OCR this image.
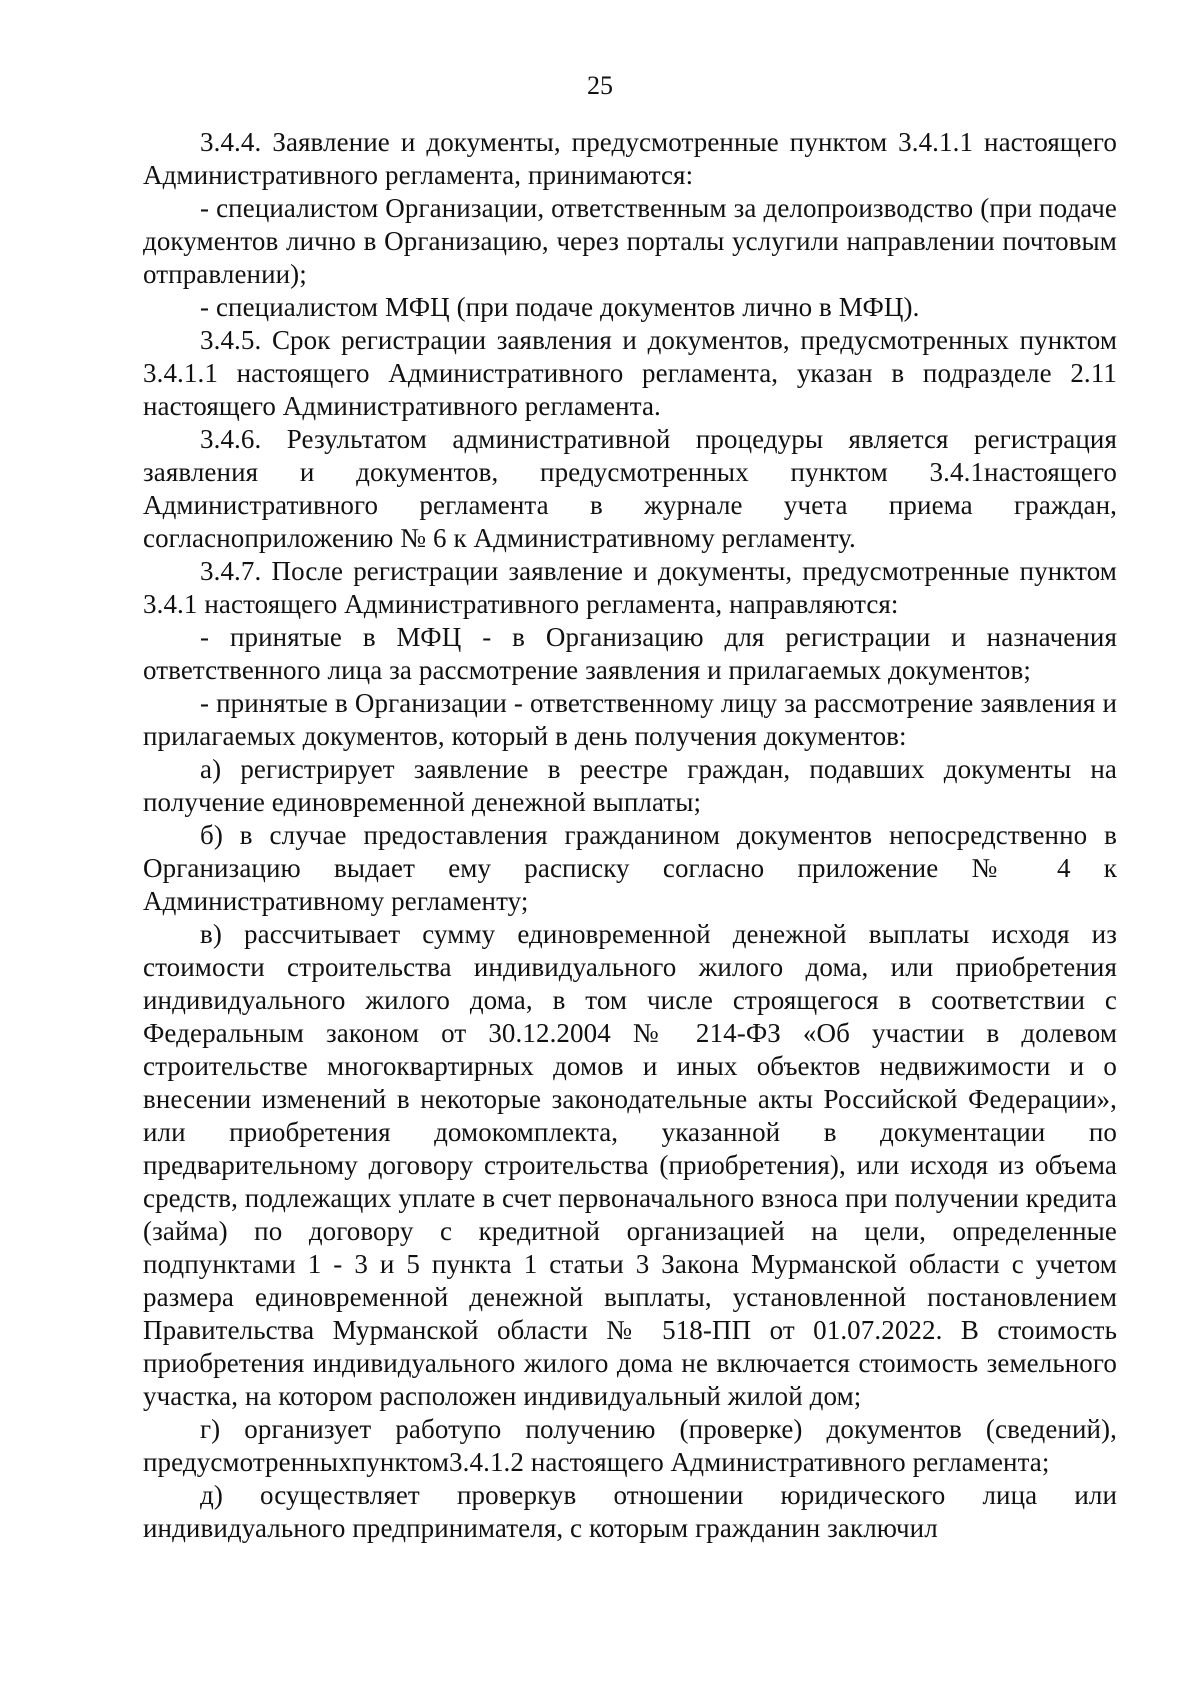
25

3.4.4. Заявление и документы, предусмотренные пунктом 3.4.1.1 настоящего Административного регламента, принимаются:

- специалистом Организации, ответственным за делопроизводство (при подаче документов лично в Организацию, через порталы услугили направлении почтовым отправлении);

- специалистом МФЦ (при подаче документов лично в МФЦ).

3.4.5. Срок регистрации заявления и документов, предусмотренных пунктом 3.4.1.1 настоящего Административного регламента, указан в подразделе 2.11 настоящего Административного регламента.

3.4.6. Результатом административной процедуры является регистрация заявления и документов, предусмотренных пунктом 3.4.1настоящего Административного регламента в журнале учета приема граждан, согласноприложению № 6 к Административному регламенту.

3.4.7. После регистрации заявление и документы, предусмотренные пунктом 3.4.1 настоящего Административного регламента, направляются:

- принятые в МФЦ - в Организацию для регистрации и назначения ответственного лица за рассмотрение заявления и прилагаемых документов;

- принятые в Организации - ответственному лицу за рассмотрение заявления и прилагаемых документов, который в день получения документов:

а) регистрирует заявление в реестре граждан, подавших документы на получение единовременной денежной выплаты;

б) в случае предоставления гражданином документов непосредственно в Организацию выдает ему расписку согласно приложение № 4 к Административному регламенту;

в) рассчитывает сумму единовременной денежной выплаты исходя из стоимости строительства индивидуального жилого дома, или приобретения индивидуального жилого дома, в том числе строящегося в соответствии с Федеральным законом от 30.12.2004 № 214-ФЗ «Об участии в долевом строительстве многоквартирных домов и иных объектов недвижимости и о внесении изменений в некоторые законодательные акты Российской Федерации», или приобретения домокомплекта, указанной в документации по предварительному договору строительства (приобретения), или исходя из объема средств, подлежащих уплате в счет первоначального взноса при получении кредита (займа) по договору с кредитной организацией на цели, определенные подпунктами 1 - 3 и 5 пункта 1 статьи 3 Закона Мурманской области с учетом размера единовременной денежной выплаты, установленной постановлением Правительства Мурманской области № 518-ПП от 01.07.2022. В стоимость приобретения индивидуального жилого дома не включается стоимость земельного участка, на котором расположен индивидуальный жилой дом;

г) организует работупо получению (проверке) документов (сведений), предусмотренныхпунктом3.4.1.2 настоящего Административного регламента;

д) осуществляет проверкув отношении юридического лица или индивидуального предпринимателя, с которым гражданин заключил
